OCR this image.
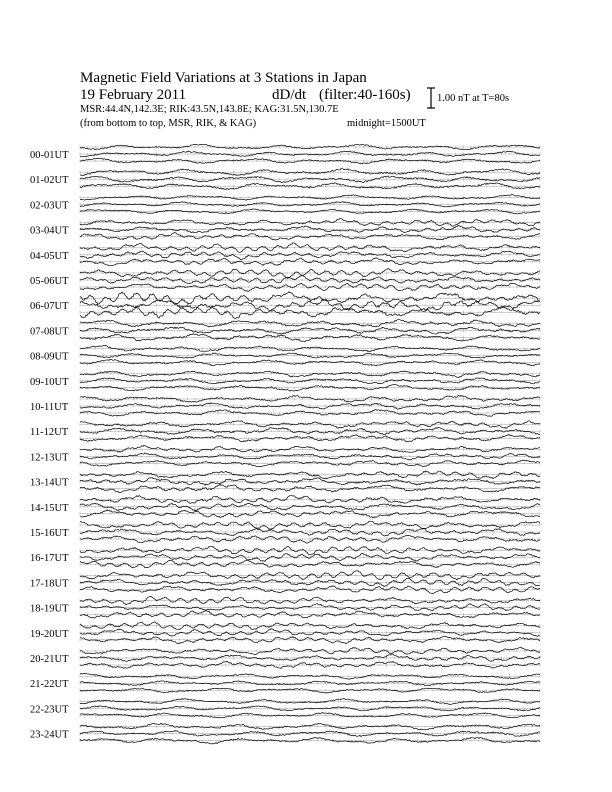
Magnetic Field Variations at 3 Stations in Japan
19 February 2011	dD/dt (filter:40-160s)
MSR:44.4N,142.3E; RIK:43.5N,143.8E; KAG:31.5N,130.7E
(from bottom to top, MSR, RIK, & KAG)	midnight=1500UT
1.00 nT at T=80s
00-01UT
01-02UT
02-03UT
03-04UT
04-05UT
05-06UT
06-07UT
07-08UT
08-09UT
09-10UT
10-11UT
11-12UT
12-13UT
13-14UT
14-15UT
15-16UT
16-17UT
17-18UT
18-19UT
19-20UT
20-21UT
21-22UT
22-23UT
23-24UT
